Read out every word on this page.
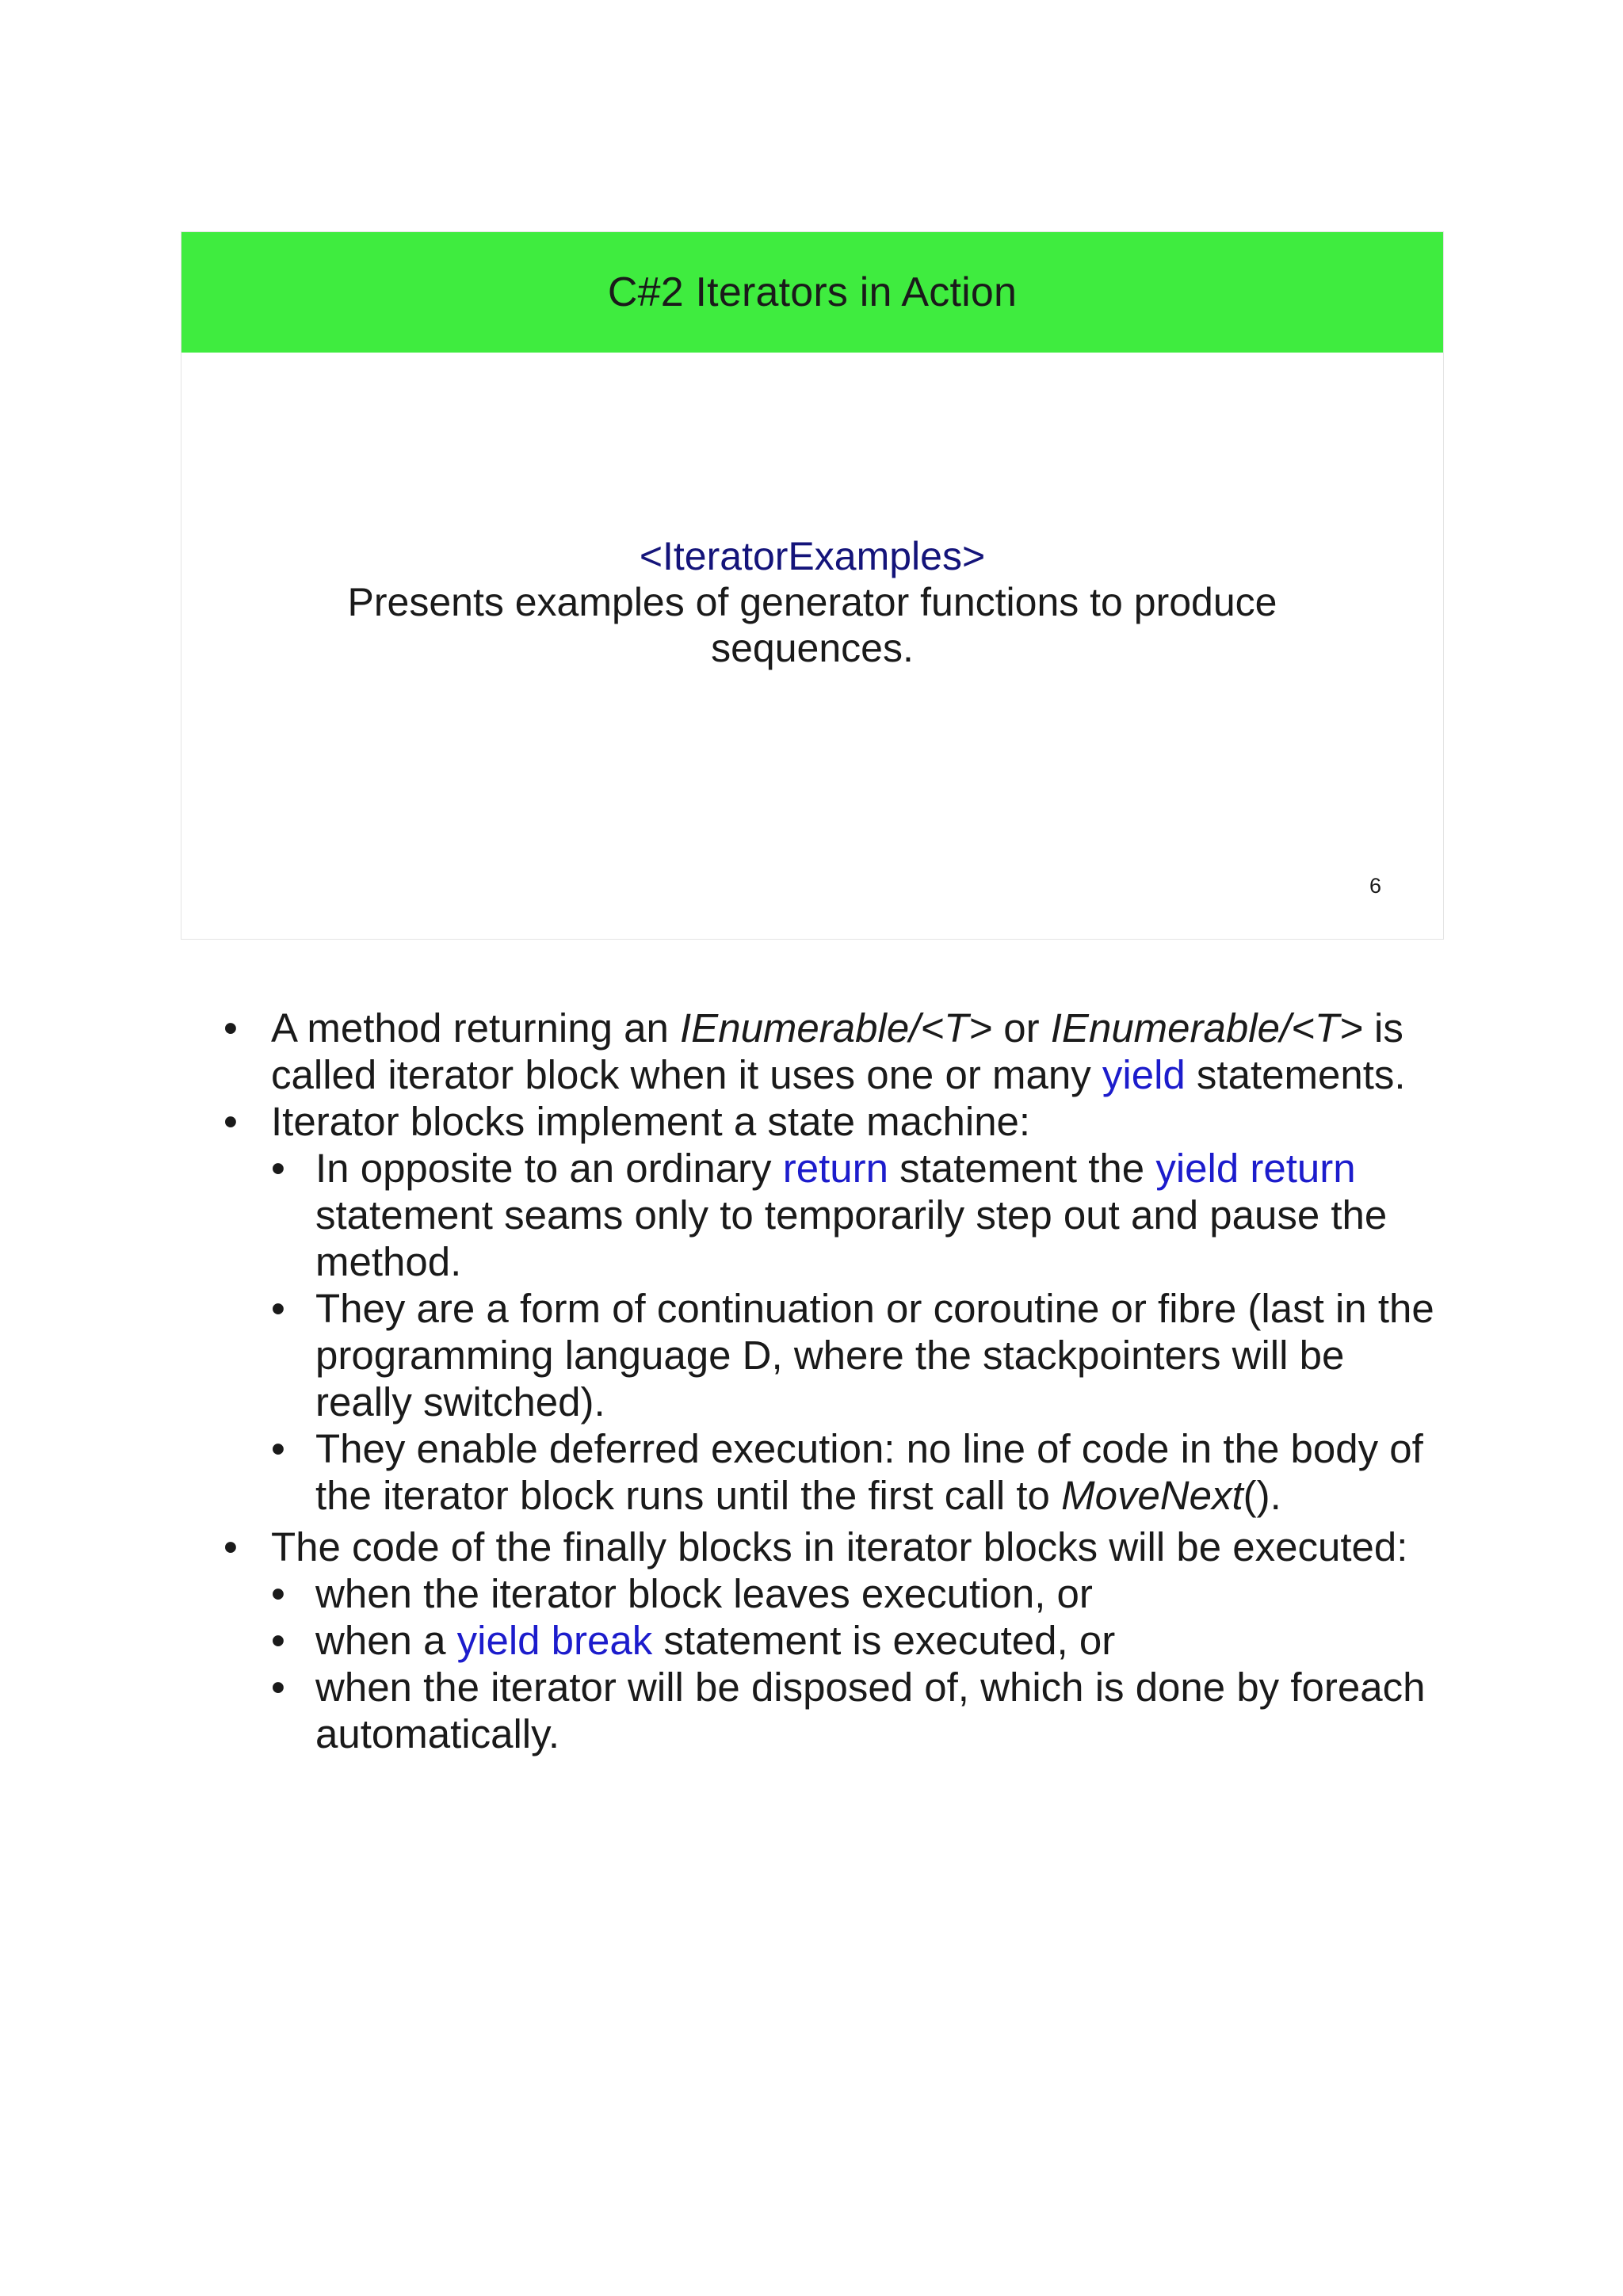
C#2 Iterators in Action
<IteratorExamples>
Presents examples of generator functions to produce sequences.
6
• A method returning an IEnumerable/<T> or IEnumerable/<T> is called iterator block when it uses one or many yield statements.
• Iterator blocks implement a state machine:
• In opposite to an ordinary return statement the yield return statement seams only to temporarily step out and pause the method.
• They are a form of continuation or coroutine or fibre (last in the programming language D, where the stackpointers will be really switched).
• They enable deferred execution: no line of code in the body of the iterator block runs until the first call to MoveNext().
• The code of the finally blocks in iterator blocks will be executed:
• when the iterator block leaves execution, or
• when a yield break statement is executed, or
• when the iterator will be disposed of, which is done by foreach automatically.
